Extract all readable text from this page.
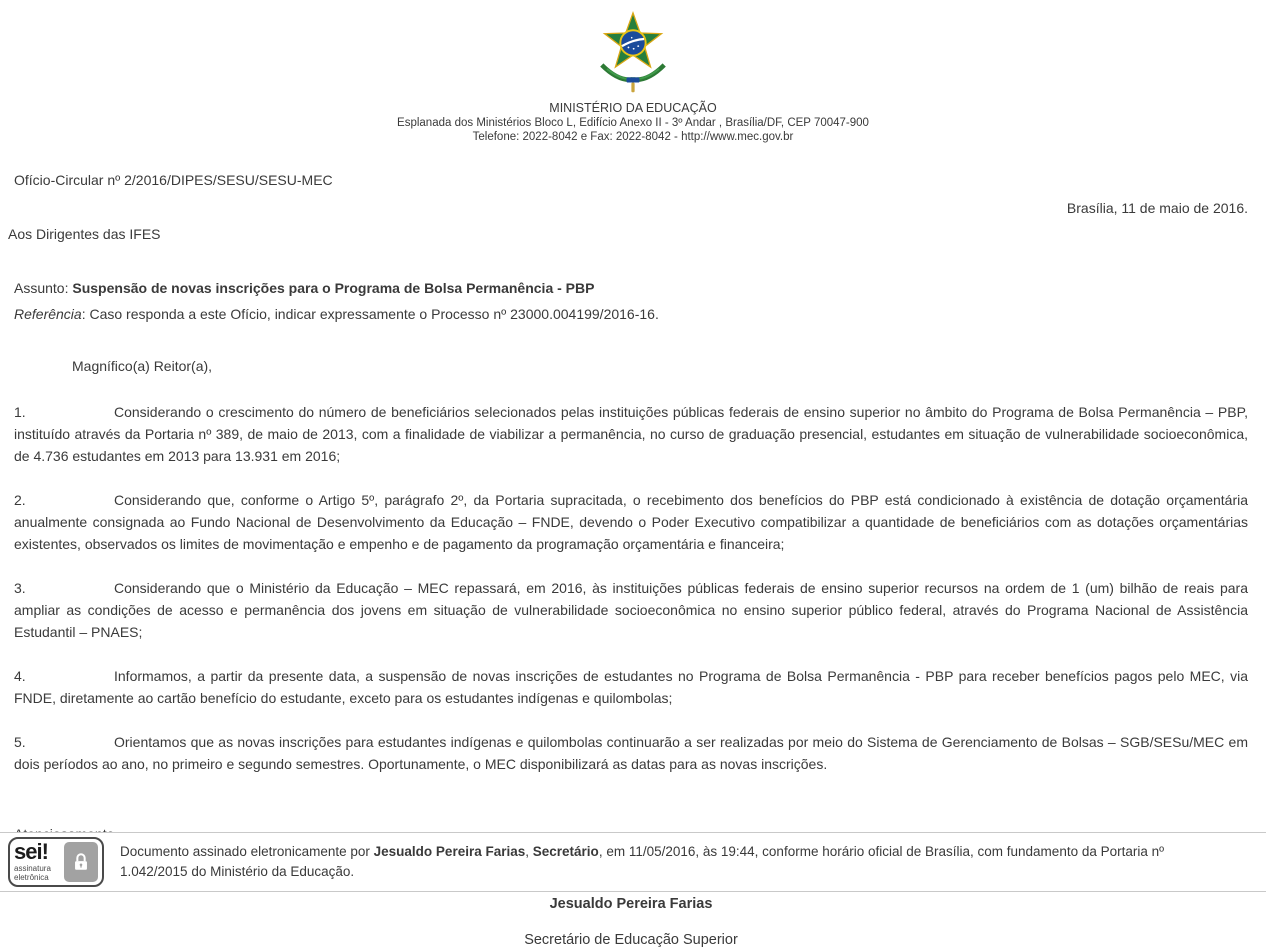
MINISTÉRIO DA EDUCAÇÃO
Esplanada dos Ministérios Bloco L, Edifício Anexo II - 3º Andar , Brasília/DF, CEP 70047-900
Telefone: 2022-8042 e Fax: 2022-8042 - http://www.mec.gov.br
Ofício-Circular nº 2/2016/DIPES/SESU/SESU-MEC
Brasília, 11 de maio de 2016.
Aos Dirigentes das IFES
Assunto: Suspensão de novas inscrições para o Programa de Bolsa Permanência - PBP
Referência: Caso responda a este Ofício, indicar expressamente o Processo nº 23000.004199/2016-16.
Magnífico(a) Reitor(a),

1.	Considerando o crescimento do número de beneficiários selecionados pelas instituições públicas federais de ensino superior no âmbito do Programa de Bolsa Permanência – PBP, instituído através da Portaria nº 389, de maio de 2013, com a finalidade de viabilizar a permanência, no curso de graduação presencial, estudantes em situação de vulnerabilidade socioeconômica, de 4.736 estudantes em 2013 para 13.931 em 2016;

2.	Considerando que, conforme o Artigo 5º, parágrafo 2º, da Portaria supracitada, o recebimento dos benefícios do PBP está condicionado à existência de dotação orçamentária anualmente consignada ao Fundo Nacional de Desenvolvimento da Educação – FNDE, devendo o Poder Executivo compatibilizar a quantidade de beneficiários com as dotações orçamentárias existentes, observados os limites de movimentação e empenho e de pagamento da programação orçamentária e financeira;

3.	Considerando que o Ministério da Educação – MEC repassará, em 2016, às instituições públicas federais de ensino superior recursos na ordem de 1 (um) bilhão de reais para ampliar as condições de acesso e permanência dos jovens em situação de vulnerabilidade socioeconômica no ensino superior público federal, através do Programa Nacional de Assistência Estudantil – PNAES;

4.	Informamos, a partir da presente data, a suspensão de novas inscrições de estudantes no Programa de Bolsa Permanência - PBP para receber benefícios pagos pelo MEC, via FNDE, diretamente ao cartão benefício do estudante, exceto para os estudantes indígenas e quilombolas;

5.	Orientamos que as novas inscrições para estudantes indígenas e quilombolas continuarão a ser realizadas por meio do Sistema de Gerenciamento de Bolsas – SGB/SESu/MEC em dois períodos ao ano, no primeiro e segundo semestres. Oportunamente, o MEC disponibilizará as datas para as novas inscrições.

Jesualdo Pereira Farias
Secretário de Educação Superior
sei!
assinatura
eletrônica
Documento assinado eletronicamente por Jesualdo Pereira Farias, Secretário, em 11/05/2016, às 19:44, conforme horário oficial de Brasília, com fundamento da Portaria nº 1.042/2015 do Ministério da Educação.
